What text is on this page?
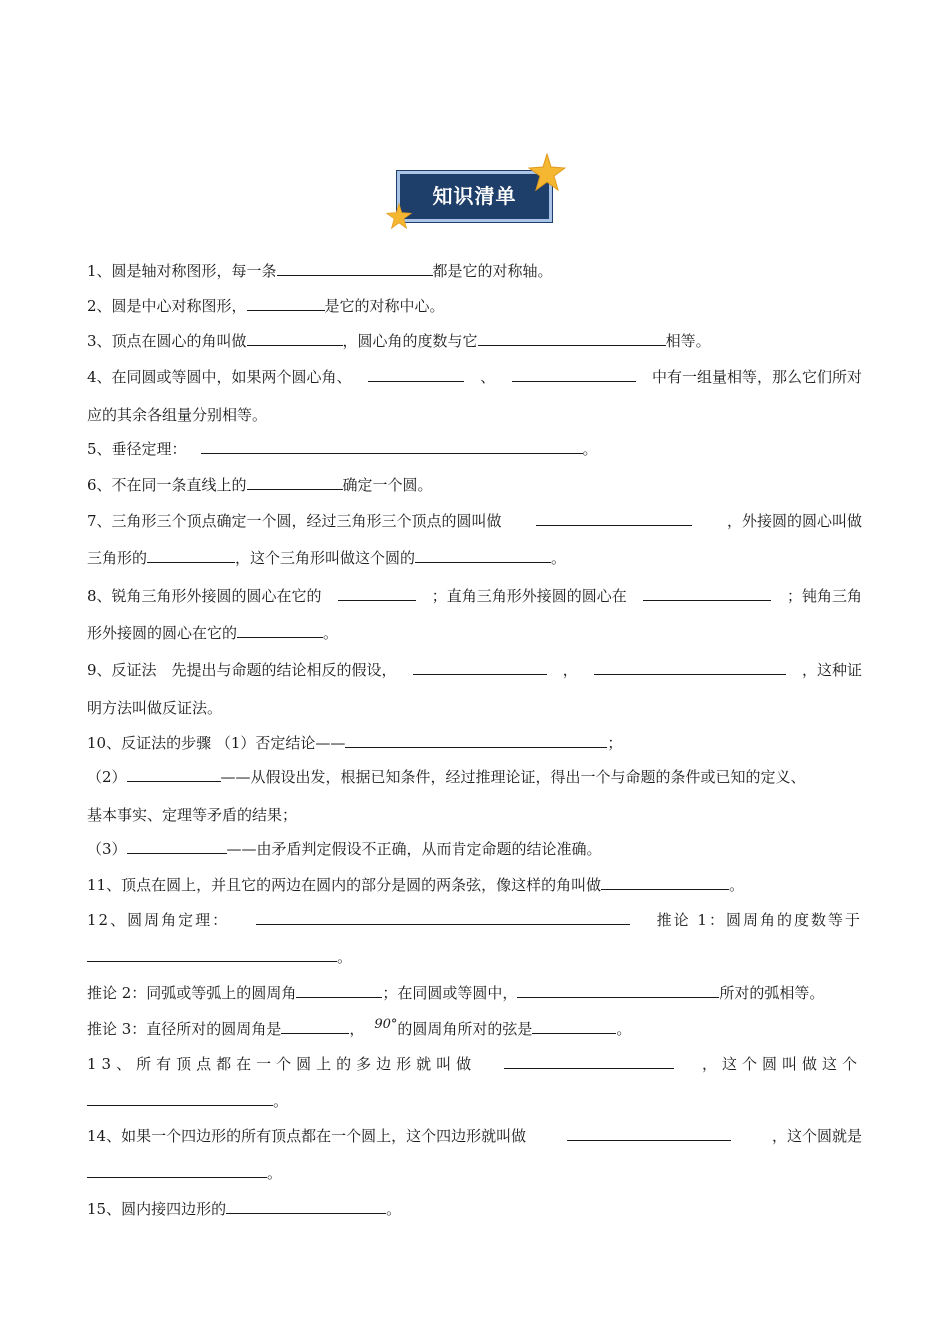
知识清单
1、圆是轴对称图形，每一条	都是它的对称轴。
2、圆是中心对称图形，	是它的对称中心。
3、顶点在圆心的角叫做	，圆心角的度数与它	相等。
4、在同圆或等圆中，如果两个圆心角、	、	中有一组量相等，那么它们所对
应的其余各组量分别相等。
5、垂径定理：	。
6、不在同一条直线上的	确定一个圆。
7、三角形三个顶点确定一个圆，经过三角形三个顶点的圆叫做	，外接圆的圆心叫做
三角形的	，这个三角形叫做这个圆的	。
8、锐角三角形外接圆的圆心在它的	；直角三角形外接圆的圆心在	；钝角三角
形外接圆的圆心在它的	。
9、反证法　先提出与命题的结论相反的假设，	，	，这种证
明方法叫做反证法。
10、反证法的步骤 （1）否定结论——	；
（2）	——从假设出发，根据已知条件，经过推理论证，得出一个与命题的条件或已知的定义、
基本事实、定理等矛盾的结果；
（3）	——由矛盾判定假设不正确，从而肯定命题的结论准确。
11、顶点在圆上，并且它的两边在圆内的部分是圆的两条弦，像这样的角叫做	。
12、圆周角定理：	推论 1：圆周角的度数等于
。
推论 2：同弧或等弧上的圆周角	；在同圆或等圆中，	所对的弧相等。
推论 3：直径所对的圆周角是	， 90°的圆周角所对的弦是	。
13、所有顶点都在一个圆上的多边形就叫做	，这个圆叫做这个
。
14、如果一个四边形的所有顶点都在一个圆上，这个四边形就叫做	，这个圆就是
。
15、圆内接四边形的	。
